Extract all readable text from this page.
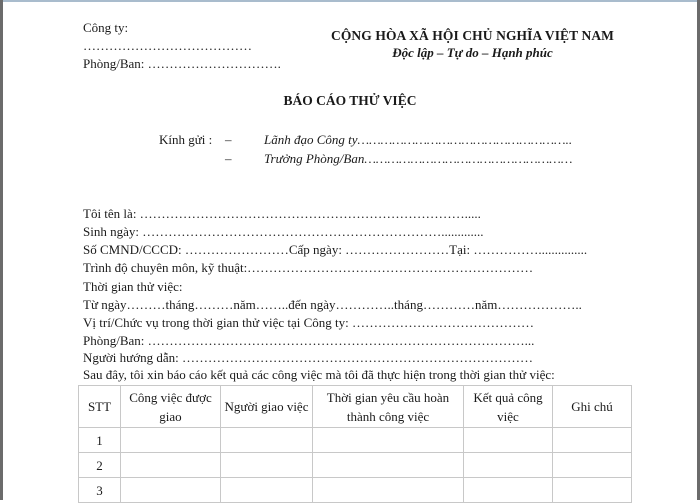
Công ty:
…………………………………
Phòng/Ban: ………………………….
CỘNG HÒA XÃ HỘI CHỦ NGHĨA VIỆT NAM
Độc lập – Tự do – Hạnh phúc
BÁO CÁO THỬ VIỆC
Kính gửi : –	Lãnh đạo Công ty………………………………………………..
–	Trưởng Phòng/Ban………………………………………………
Tôi tên là: ………………………………………………………………….....
Sinh ngày: …………………………………………………………….............
Số CMND/CCCD: ……………………Cấp ngày: ……………………Tại: ……………...............
Trình độ chuyên môn, kỹ thuật:…………………………………………………………
Thời gian thử việc:
Từ ngày………tháng………năm……..đến ngày…………..tháng…………năm………………..
Vị trí/Chức vụ trong thời gian thử việc tại Công ty: ……………………………………
Phòng/Ban: ……………………………………………………………………………...
Người hướng dẫn: ………………………………………………………………………
Sau đây, tôi xin báo cáo kết quả các công việc mà tôi đã thực hiện trong thời gian thử việc:
STT	Công việc được giao	Người giao việc	Thời gian yêu cầu hoàn thành công việc	Kết quả công việc	Ghi chú
1					
2					
3					
